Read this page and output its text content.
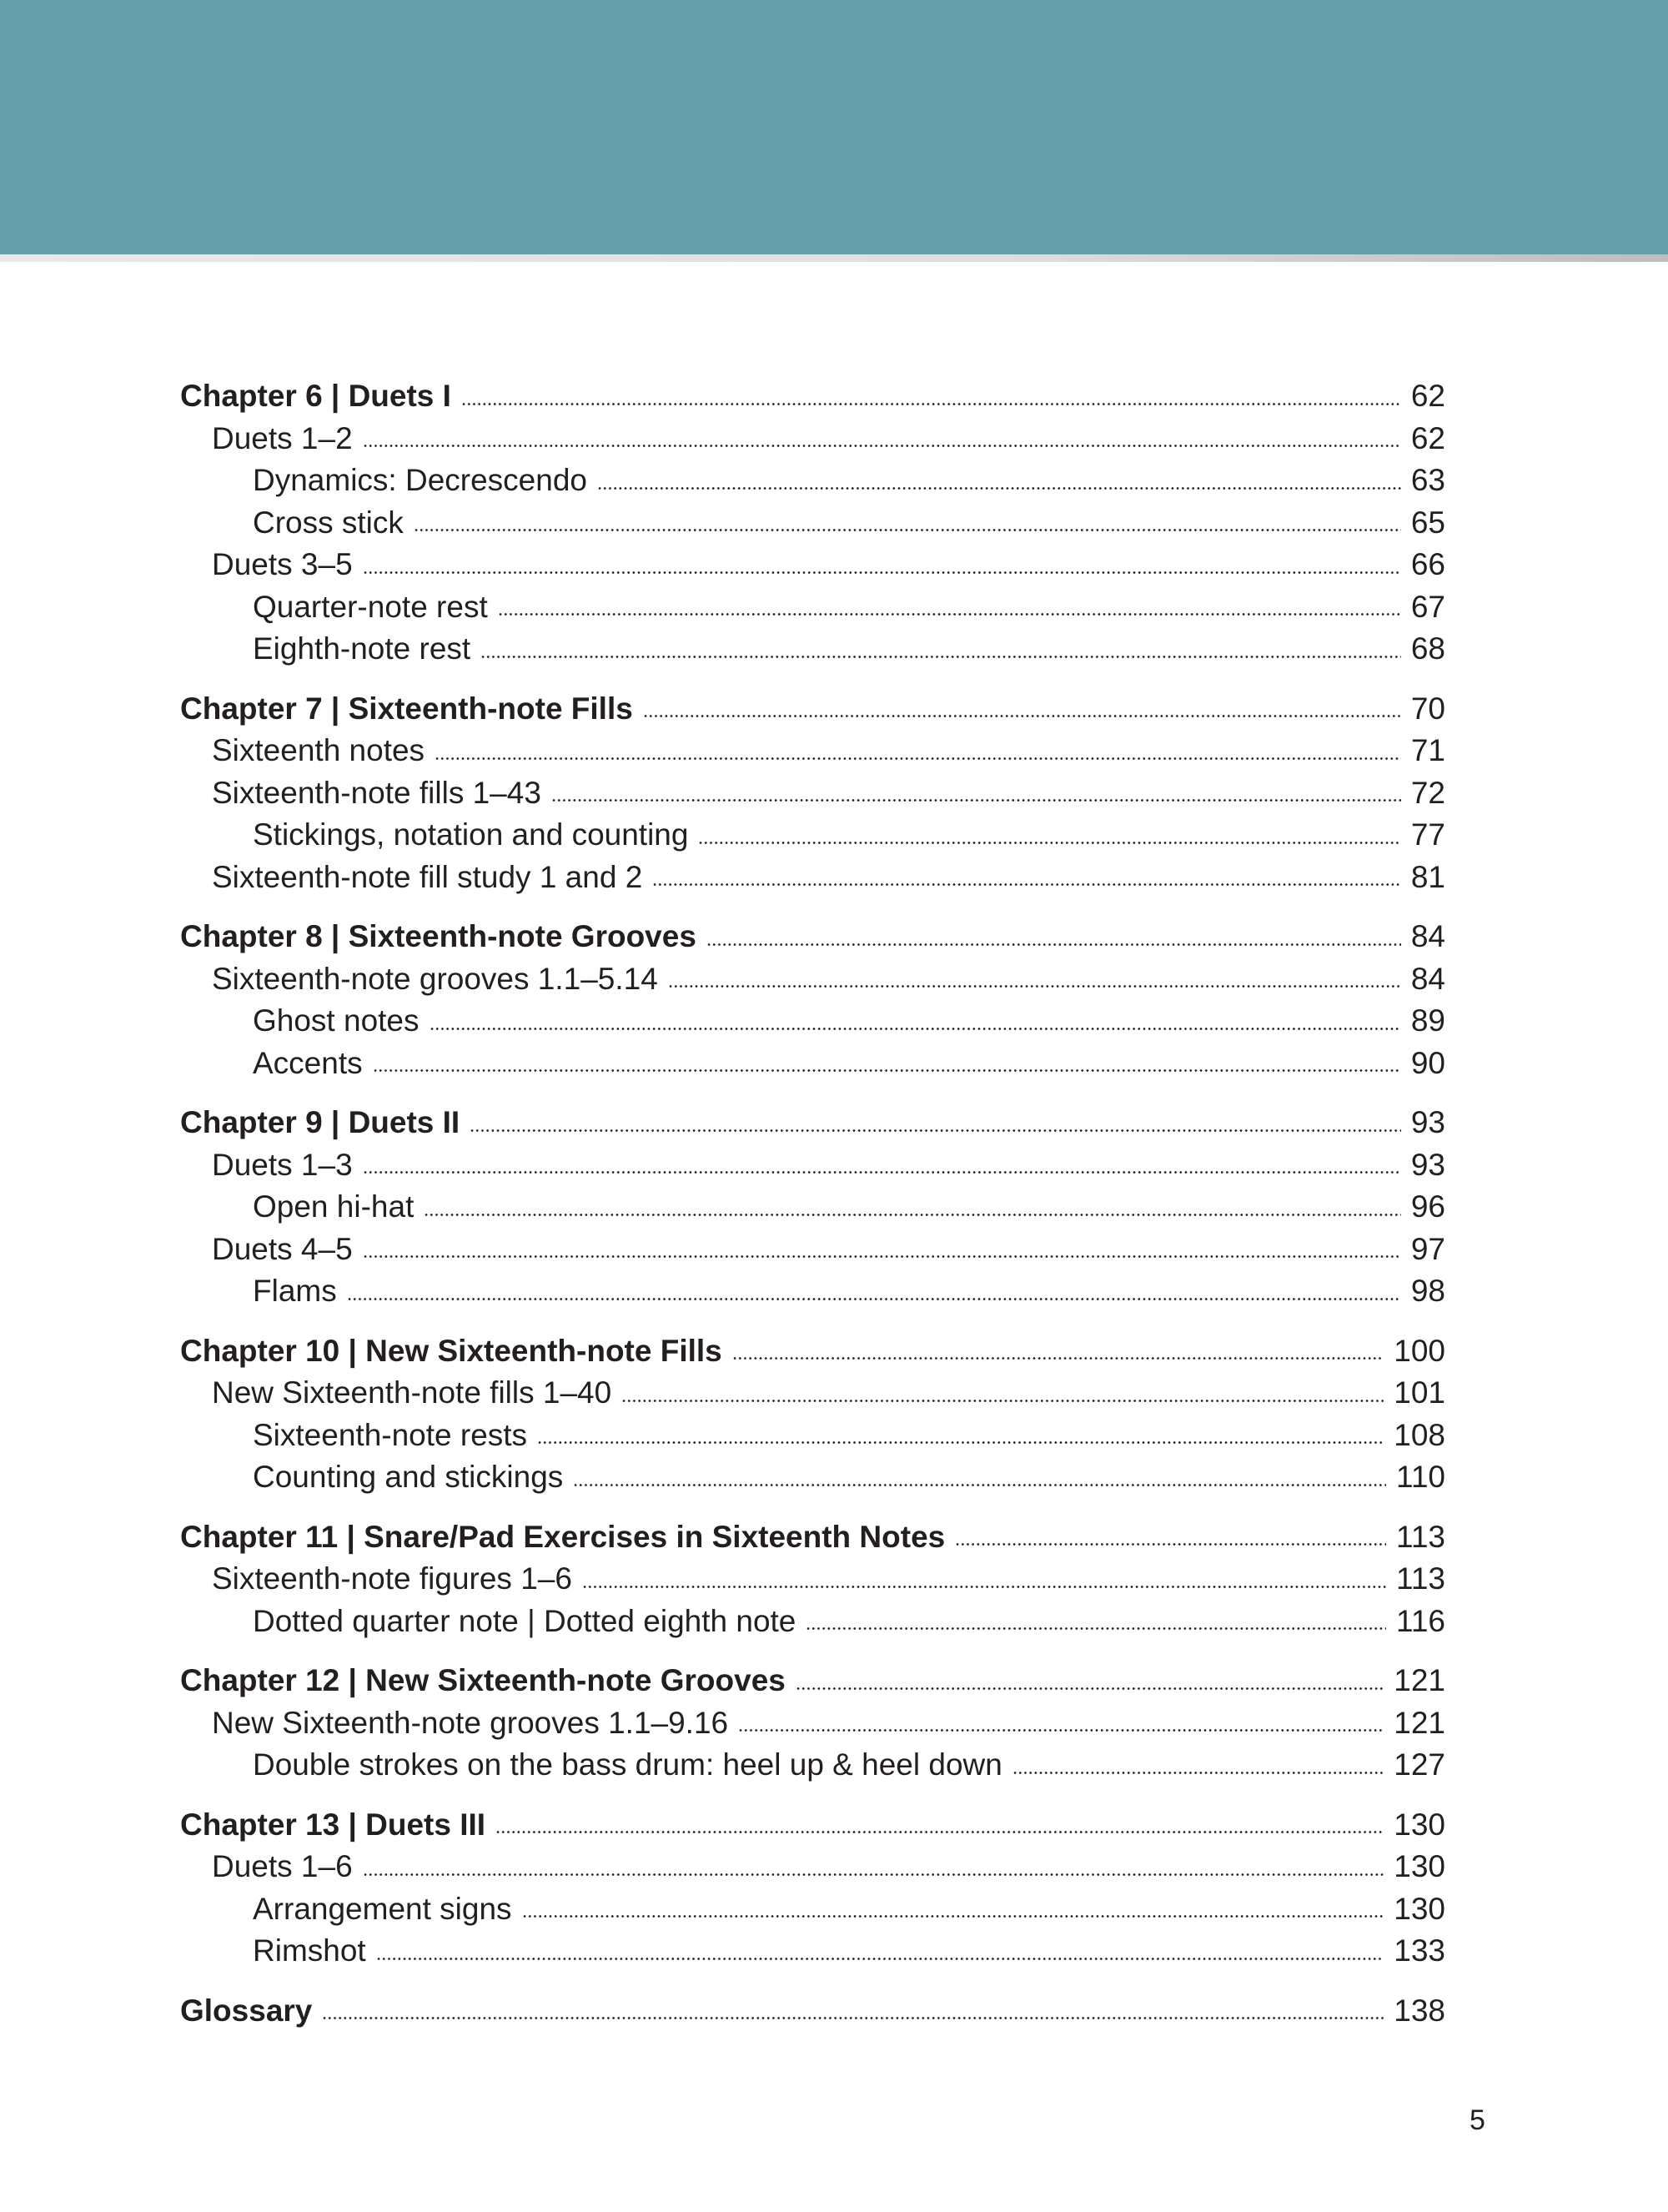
Chapter 6 | Duets I	62
Duets 1–2	62
Dynamics: Decrescendo	63
Cross stick	65
Duets 3–5	66
Quarter-note rest	67
Eighth-note rest	68
Chapter 7 | Sixteenth-note Fills	70
Sixteenth notes	71
Sixteenth-note fills 1–43	72
Stickings, notation and counting	77
Sixteenth-note fill study 1 and 2	81
Chapter 8 | Sixteenth-note Grooves	84
Sixteenth-note grooves 1.1–5.14	84
Ghost notes	89
Accents	90
Chapter 9 | Duets II	93
Duets 1–3	93
Open hi-hat	96
Duets 4–5	97
Flams	98
Chapter 10 | New Sixteenth-note Fills	100
New Sixteenth-note fills 1–40	101
Sixteenth-note rests	108
Counting and stickings	110
Chapter 11 | Snare/Pad Exercises in Sixteenth Notes	113
Sixteenth-note figures 1–6	113
Dotted quarter note | Dotted eighth note	116
Chapter 12 | New Sixteenth-note Grooves	121
New Sixteenth-note grooves 1.1–9.16	121
Double strokes on the bass drum: heel up & heel down	127
Chapter 13 | Duets III	130
Duets 1–6	130
Arrangement signs	130
Rimshot	133
Glossary	138
5
